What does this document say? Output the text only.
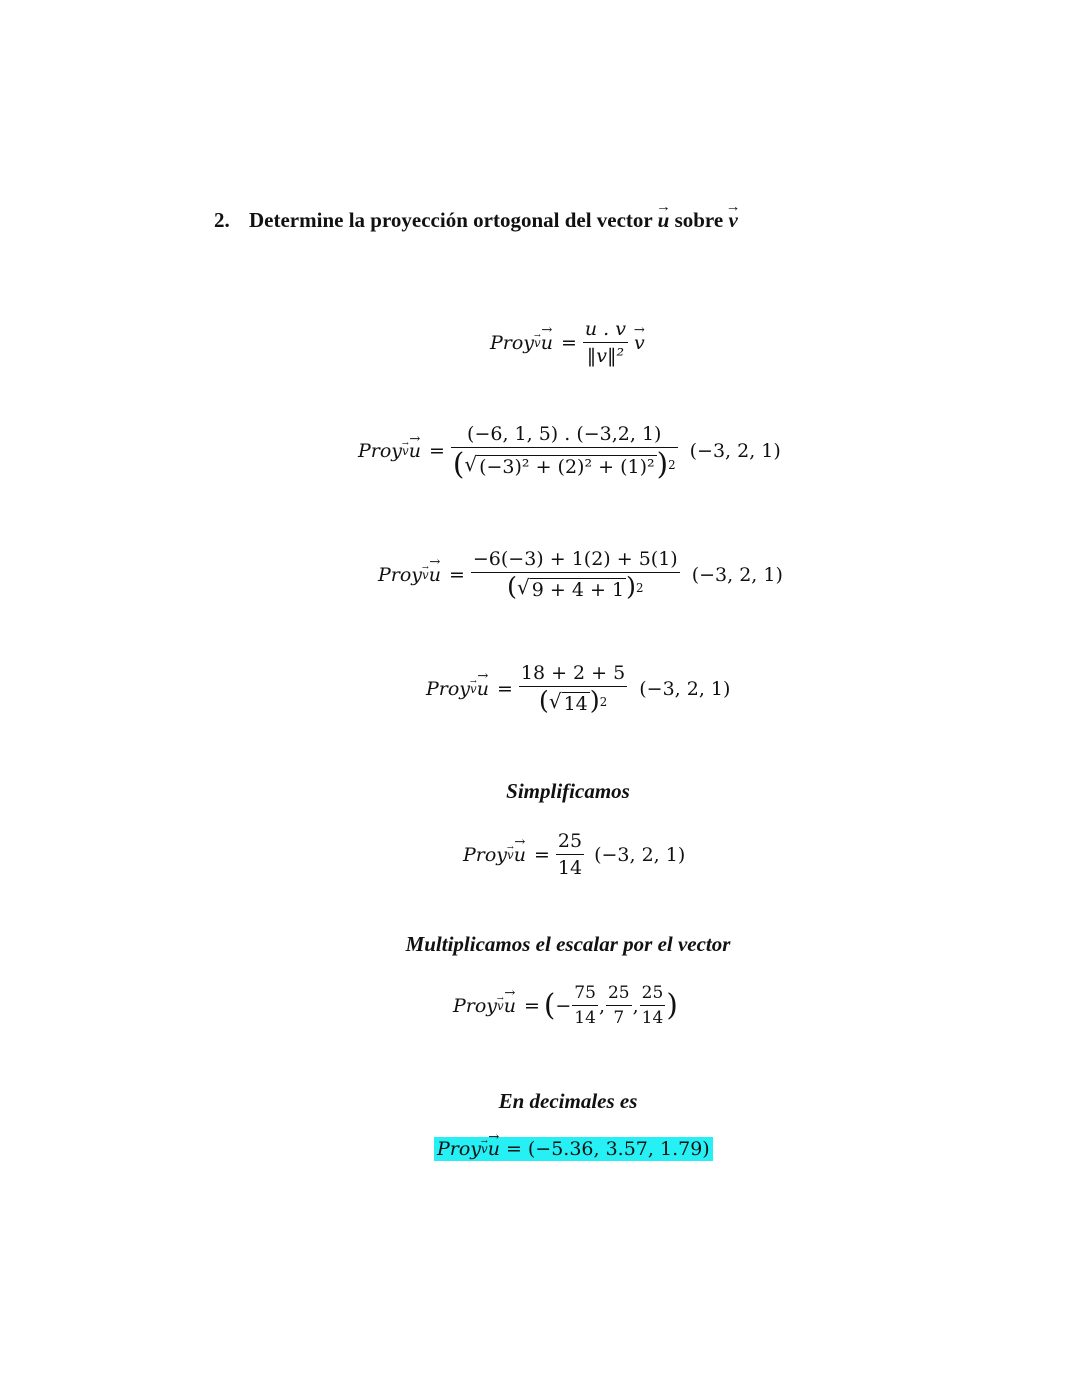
2. Determine la proyección ortogonal del vector → u sobre → v
Proy
→ v
→ $u = \frac{u . v}{\text{‖v‖²}}$
→ v
Proy
→ v
→ $u = \frac{(-6, 1, 5) . (-3,2, 1)}{\text{( √ (−3)² + (2)² + (1)² ) 2}} (-3$, 2, 1)
Proy
→ v
→ $u = \frac{-6(-3) + 1(2) + 5(1)}{( √ 9 + 4 + 1 ) 2} (-3$, 2, 1)
Proy
→ v
→ $u = \frac{18 + 2 + 5}{( √ 14 ) 2} (-3$, 2, 1)
Simplificamos
Proy
→ v
→ $u = \frac{25}{14} (-3$, 2, 1)
Multiplicamos el escalar por el vector
Proy
→ v
→ u = ( − $\frac{75}{14}$ , $\frac{25}{7}$ , $\frac{25}{14}$ )
En decimales es
Proy
→ v
→ u = (−5.36, 3.57, 1.79)
